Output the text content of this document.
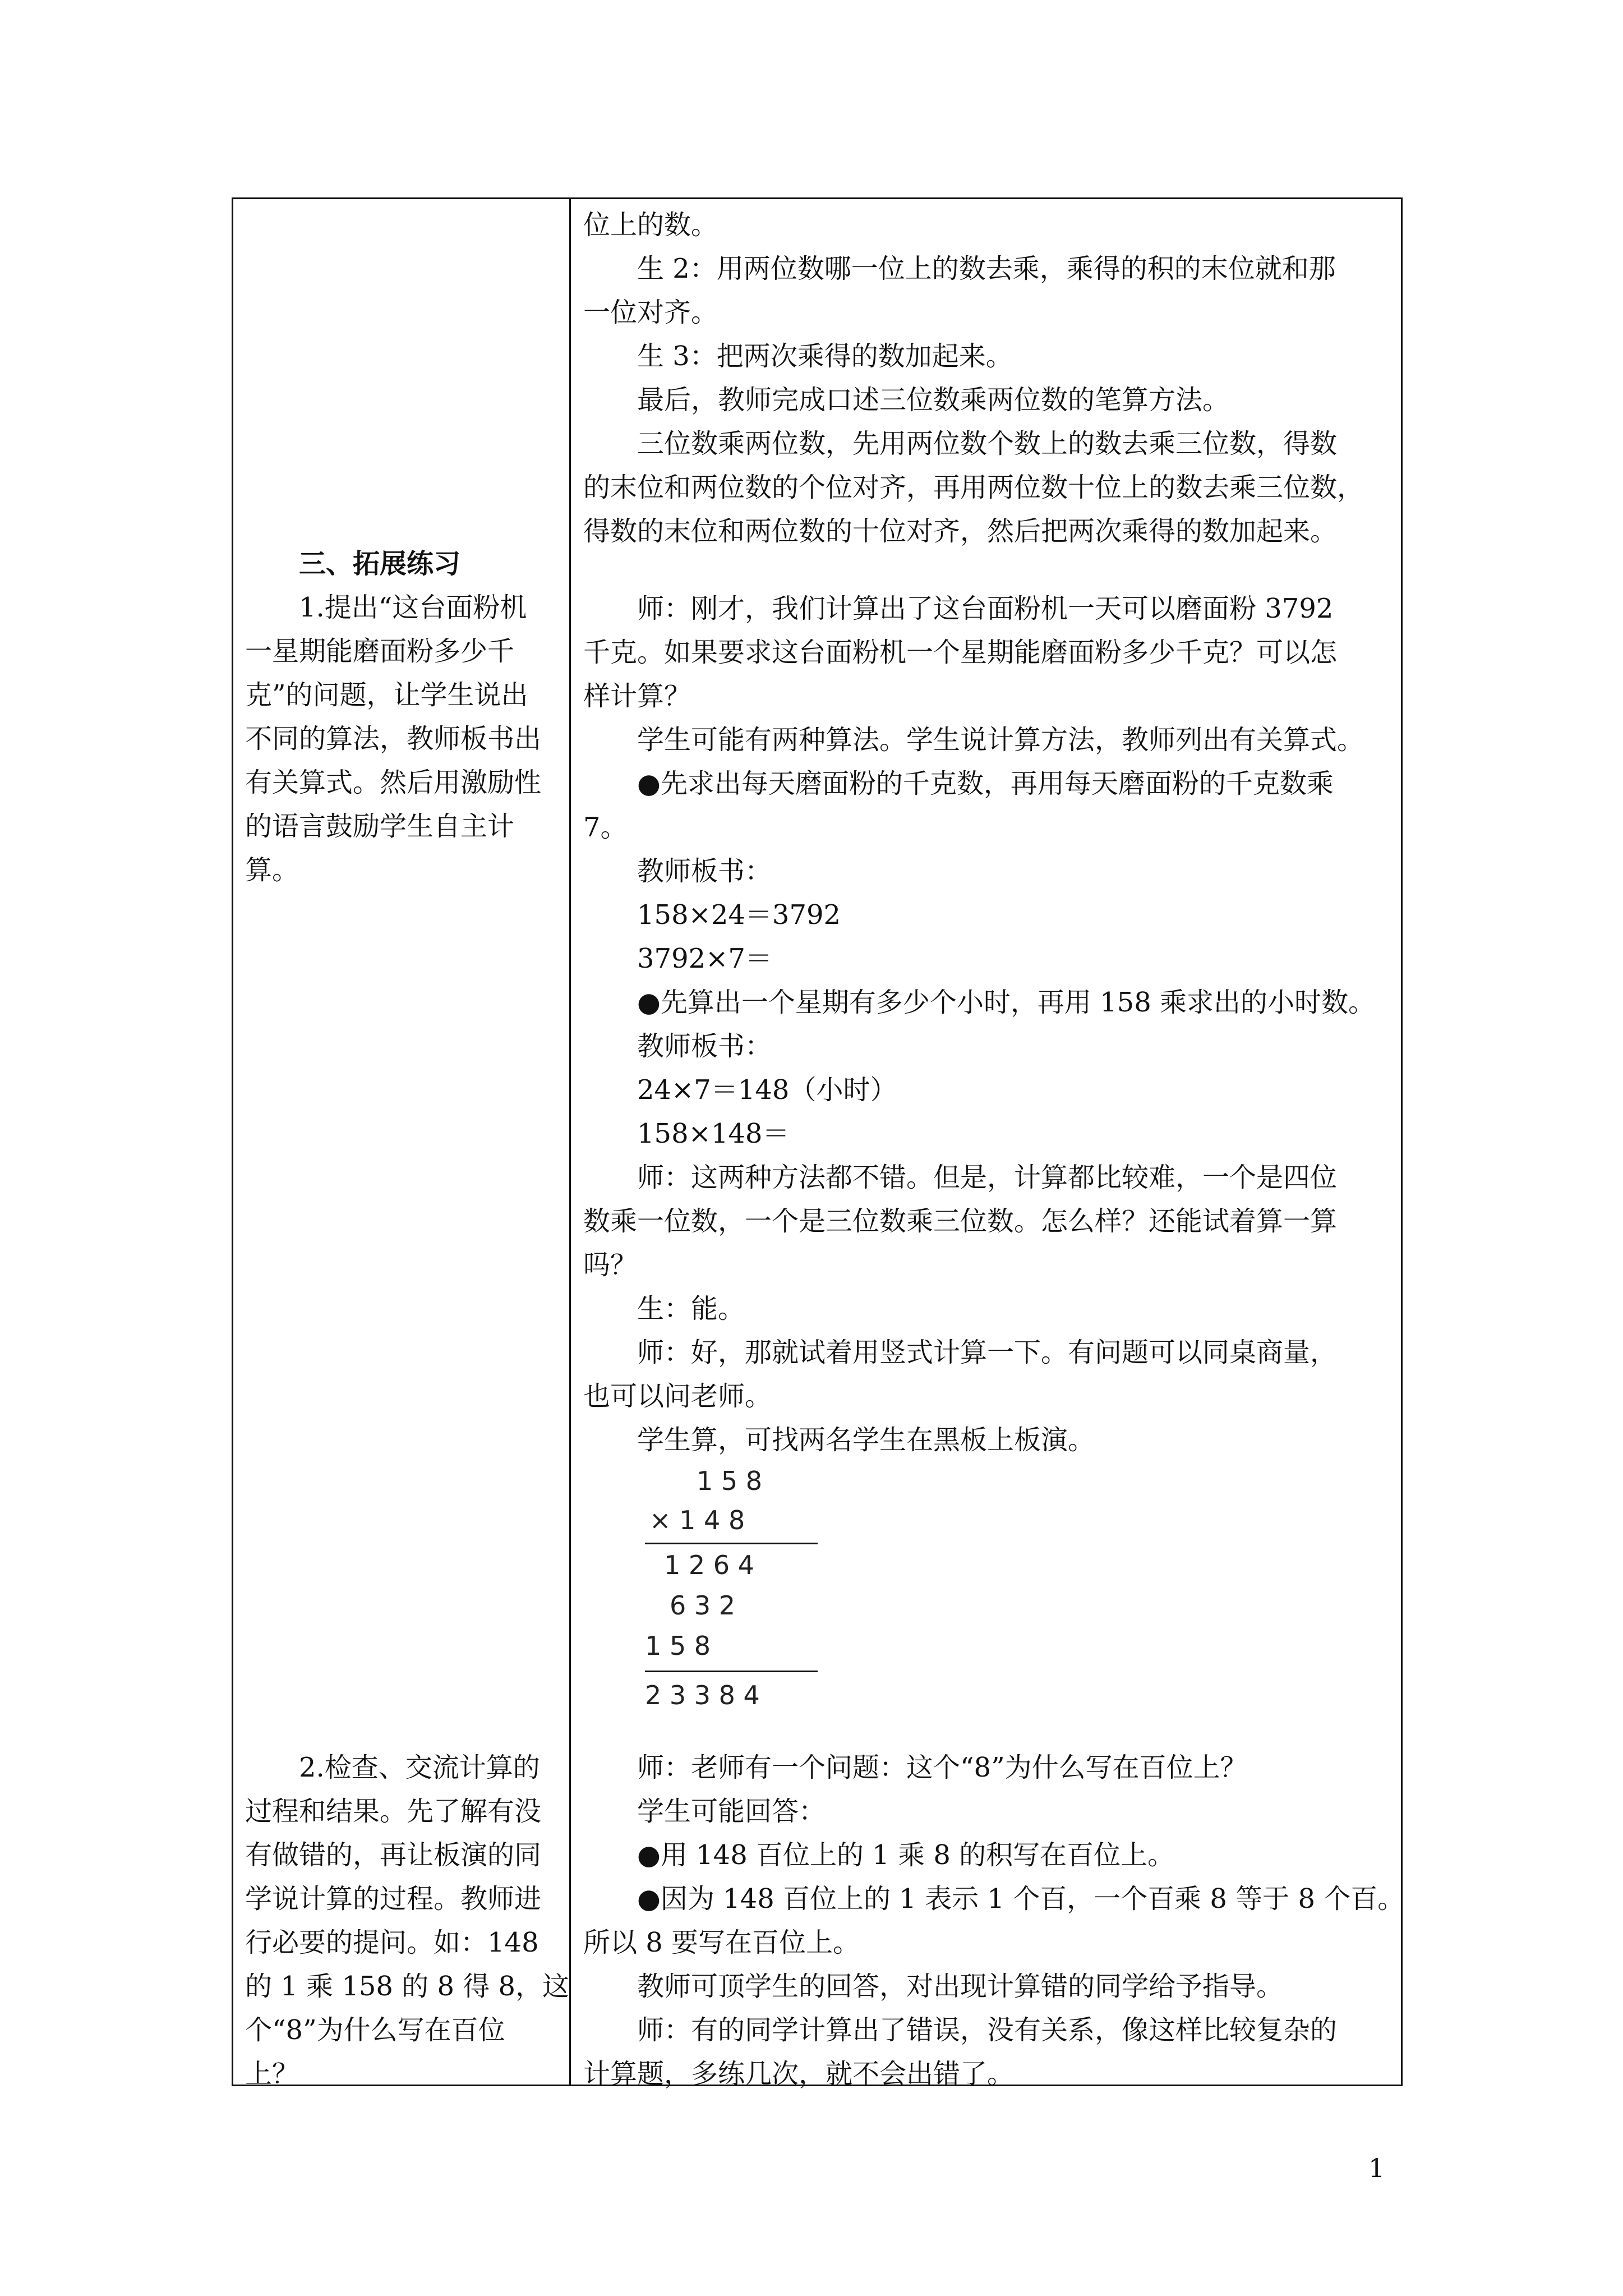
三、拓展练习
1.提出“这台面粉机
一星期能磨面粉多少千
克”的问题，让学生说出
不同的算法，教师板书出
有关算式。然后用激励性
的语言鼓励学生自主计
算。
2.检查、交流计算的
过程和结果。先了解有没
有做错的，再让板演的同
学说计算的过程。教师进
行必要的提问。如：148
的 1 乘 158 的 8 得 8，这
个“8”为什么写在百位
上？
位上的数。
生 2：用两位数哪一位上的数去乘，乘得的积的末位就和那
一位对齐。
生 3：把两次乘得的数加起来。
最后，教师完成口述三位数乘两位数的笔算方法。
三位数乘两位数，先用两位数个数上的数去乘三位数，得数
的末位和两位数的个位对齐，再用两位数十位上的数去乘三位数，
得数的末位和两位数的十位对齐，然后把两次乘得的数加起来。
师：刚才，我们计算出了这台面粉机一天可以磨面粉 3792
千克。如果要求这台面粉机一个星期能磨面粉多少千克？可以怎
样计算？
学生可能有两种算法。学生说计算方法，教师列出有关算式。
●先求出每天磨面粉的千克数，再用每天磨面粉的千克数乘
7。
教师板书：
158×24＝3792
3792×7＝
●先算出一个星期有多少个小时，再用 158 乘求出的小时数。
教师板书：
24×7＝148（小时）
158×148＝
师：这两种方法都不错。但是，计算都比较难，一个是四位
数乘一位数，一个是三位数乘三位数。怎么样？还能试着算一算
吗？
生：能。
师：好，那就试着用竖式计算一下。有问题可以同桌商量，
也可以问老师。
学生算，可找两名学生在黑板上板演。
1 5 8
× 1 4 8
1 2 6 4
6 3 2
1 5 8
2 3 3 8 4
师：老师有一个问题：这个“8”为什么写在百位上？
学生可能回答：
●用 148 百位上的 1 乘 8 的积写在百位上。
●因为 148 百位上的 1 表示 1 个百，一个百乘 8 等于 8 个百。
所以 8 要写在百位上。
教师可顶学生的回答，对出现计算错的同学给予指导。
师：有的同学计算出了错误，没有关系，像这样比较复杂的
计算题，多练几次，就不会出错了。
1
